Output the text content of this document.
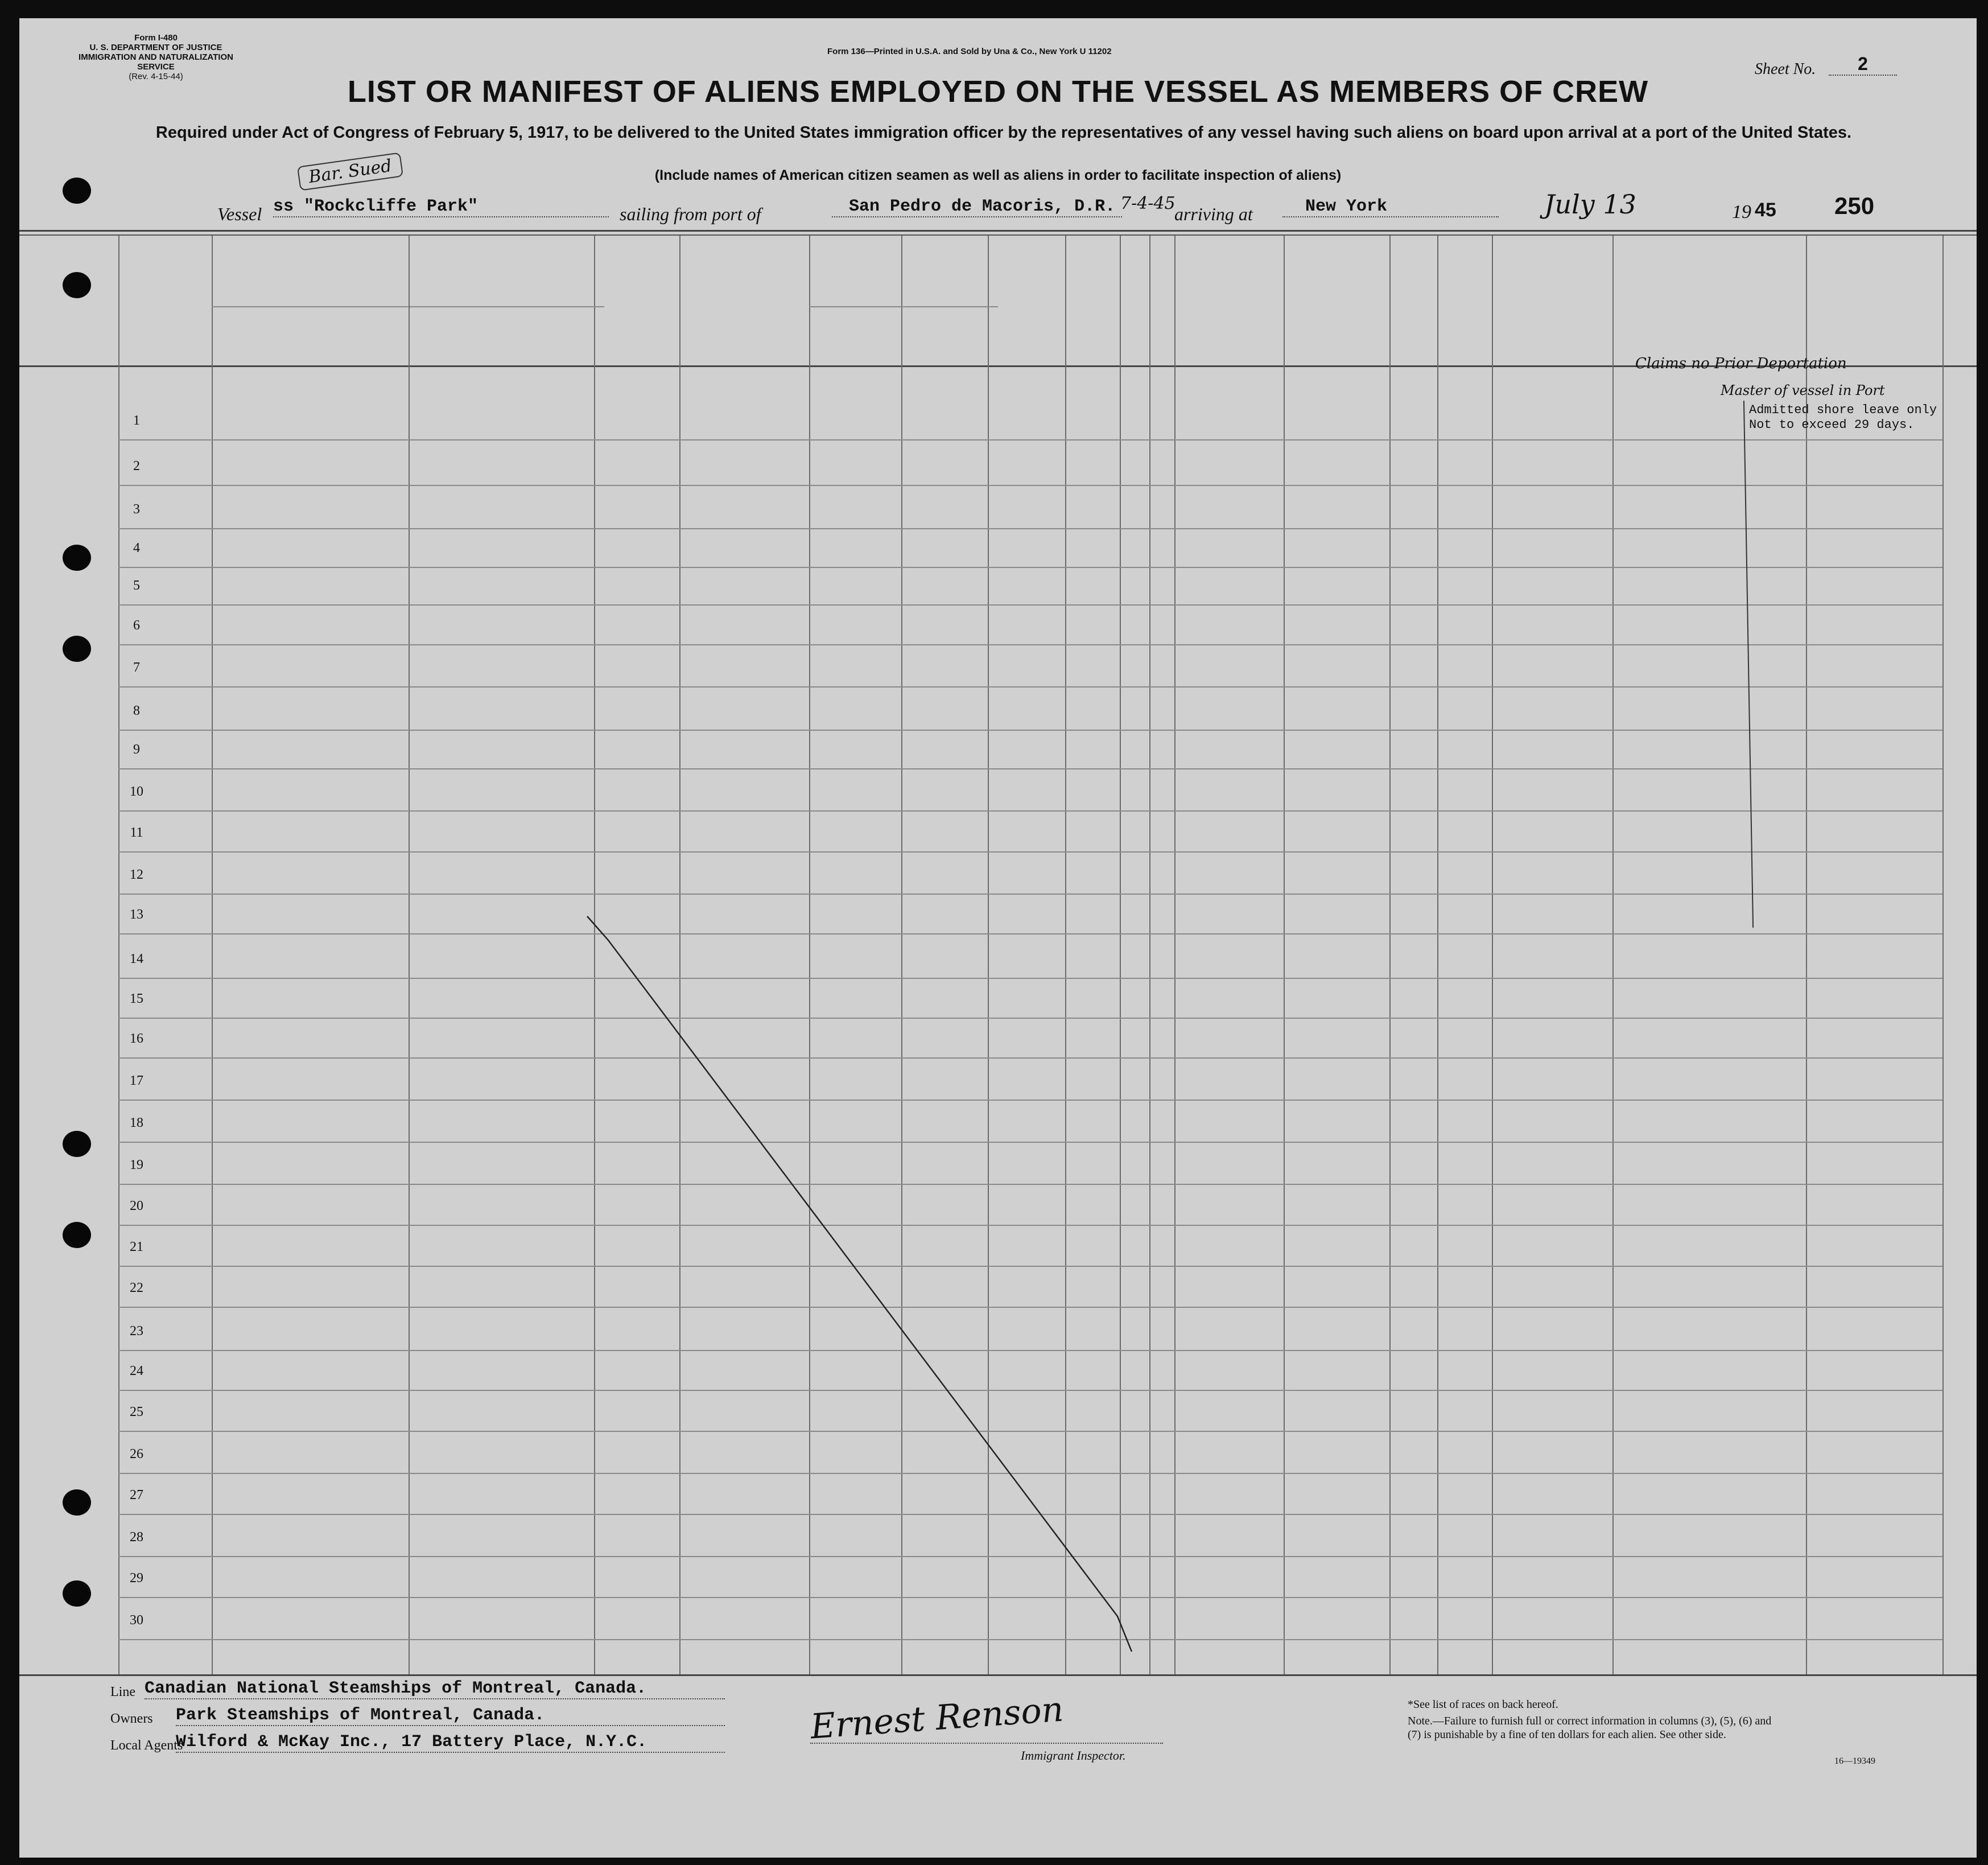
Form I-480
U. S. DEPARTMENT OF JUSTICE
IMMIGRATION AND NATURALIZATION SERVICE
(Rev. 4-15-44)
Form 136—Printed in U.S.A. and Sold by Una & Co., New York U 11202
Sheet No.	2
LIST OR MANIFEST OF ALIENS EMPLOYED ON THE VESSEL AS MEMBERS OF CREW
Required under Act of Congress of February 5, 1917, to be delivered to the United States immigration officer by the representatives of any vessel having such aliens on board upon arrival at a port of the United States.
(Include names of American citizen seamen as well as aliens in order to facilitate inspection of aliens)
Bar. Sued
Vessel ss "Rockcliffe Park"	sailing from port of	San Pedro de Macoris, D.R. 7-4-45
arriving at	New York	July 13	19 45 250
1
2
3
4
5
6
7
8
9
10
11
12
13
14
15
16
17
18
19
20
21
22
23
24
25
26
27
28
29
30
Claims no Prior Deportation
Master of vessel in Port
Admitted shore leave only
Not to exceed 29 days.
Line Canadian National Steamships of Montreal, Canada.
Owners Park Steamships of Montreal, Canada.
Local Agents
Wilford & McKay Inc., 17 Battery Place, N.Y.C.	Ernest Renson
Immigrant Inspector.
*See list of races on back hereof.
Note.—Failure to furnish full or correct information in columns (3), (5), (6) and (7) is punishable by a fine of ten dollars for each alien. See other side.
16—19349
